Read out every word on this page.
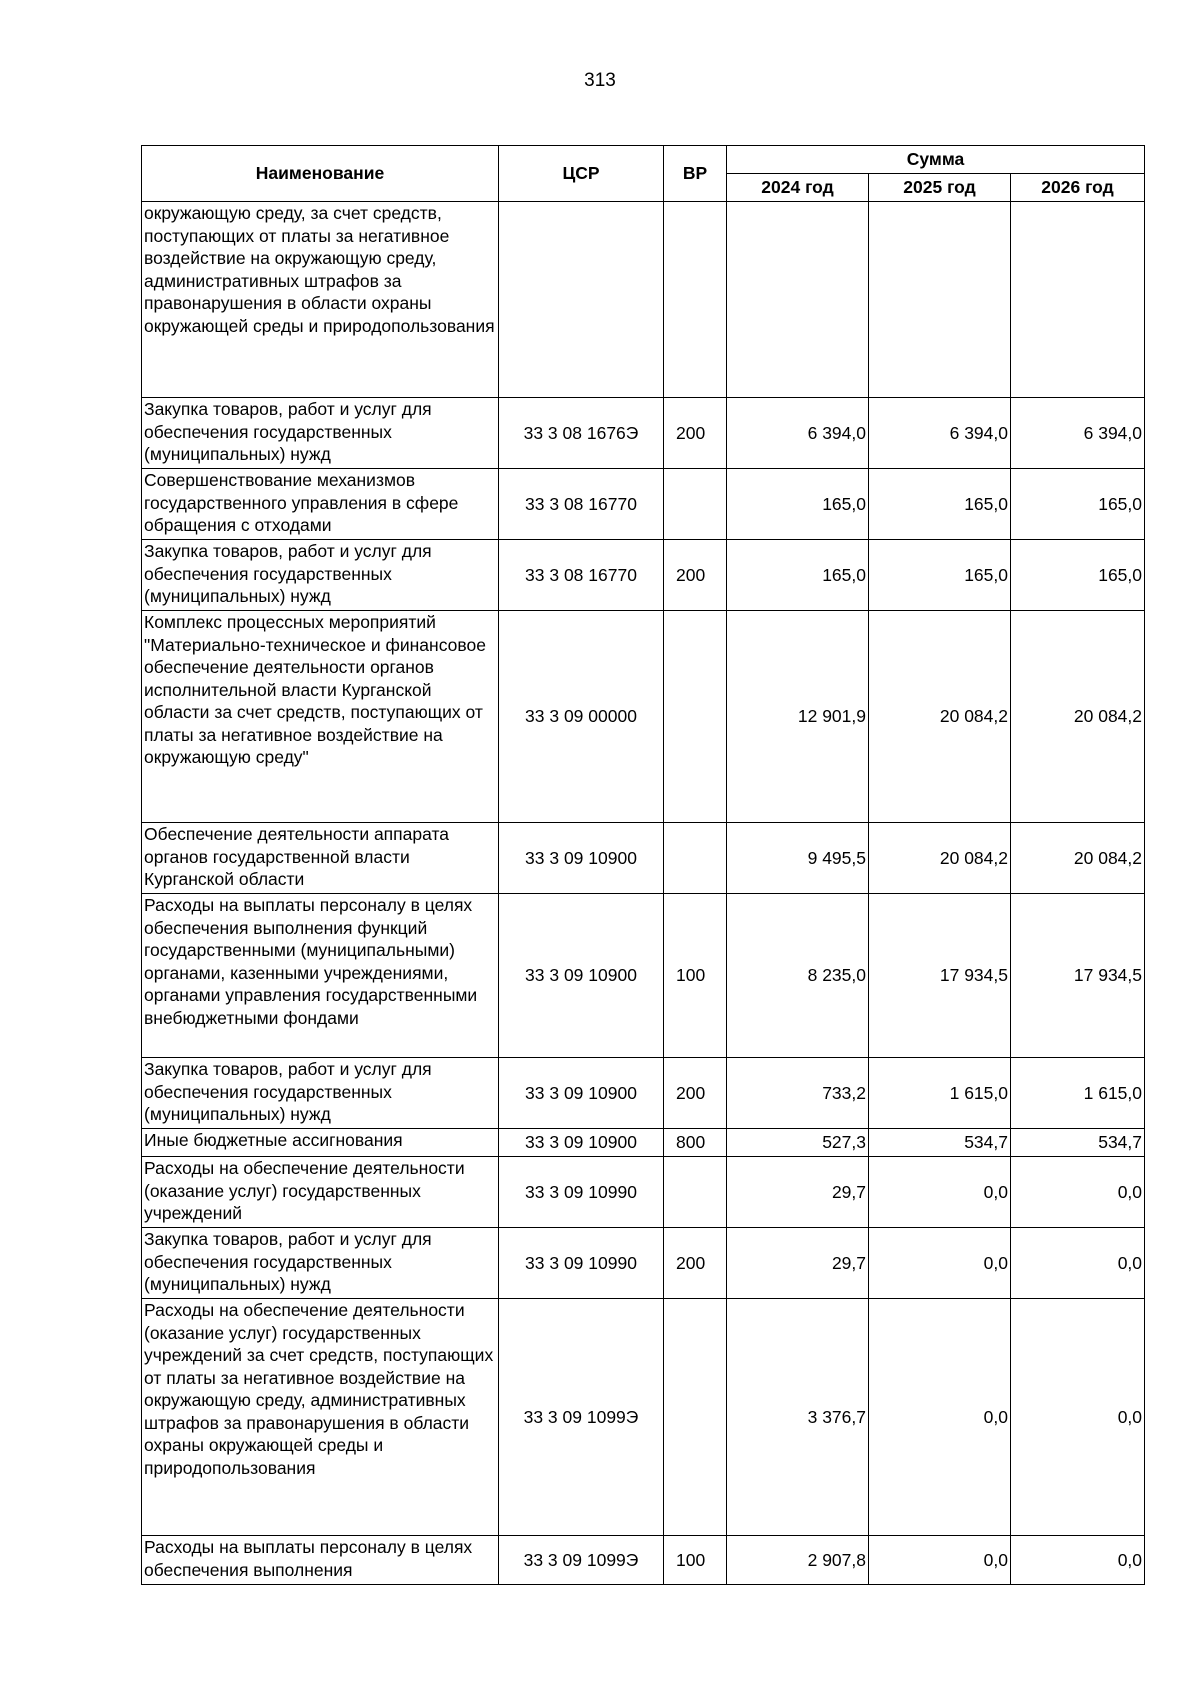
313
Наименование	ЦСР	ВР	Сумма		
			2024 год	2025 год	2026 год
окружающую среду, за счет средств, поступающих от платы за негативное воздействие на окружающую среду, административных штрафов за правонарушения в области охраны окружающей среды и природопользования		

Закупка товаров, работ и услуг для обеспечения государственных (муниципальных) нужд	33 3 08 1676Э	200	6 394,0	6 394,0	6 394,0
Совершенствование механизмов государственного управления в сфере обращения с отходами	33 3 08 16770		165,0	165,0	165,0
Закупка товаров, работ и услуг для обеспечения государственных (муниципальных) нужд	33 3 08 16770	200	165,0	165,0	165,0
Комплекс процессных мероприятий "Материально-техническое и финансовое обеспечение деятельности органов исполнительной власти Курганской области за счет средств, поступающих от платы за негативное воздействие на окружающую среду"	33 3 09 00000		12 901,9	20 084,2	20 084,2
Обеспечение деятельности аппарата органов государственной власти Курганской области	33 3 09 10900		9 495,5	20 084,2	20 084,2
Расходы на выплаты персоналу в целях обеспечения выполнения функций государственными (муниципальными) органами, казенными учреждениями, органами управления государственными внебюджетными фондами	33 3 09 10900	100	8 235,0	17 934,5	17 934,5
Закупка товаров, работ и услуг для обеспечения государственных (муниципальных) нужд	33 3 09 10900	200	733,2	1 615,0	1 615,0
Иные бюджетные ассигнования	33 3 09 10900	800	527,3	534,7	534,7
Расходы на обеспечение деятельности (оказание услуг) государственных учреждений	33 3 09 10990		29,7	0,0	0,0
Закупка товаров, работ и услуг для обеспечения государственных (муниципальных) нужд	33 3 09 10990	200	29,7	0,0	0,0
Расходы на обеспечение деятельности (оказание услуг) государственных учреждений за счет средств, поступающих от платы за негативное воздействие на окружающую среду, административных штрафов за правонарушения в области охраны окружающей среды и природопользования	33 3 09 1099Э		3 376,7	0,0	0,0
Расходы на выплаты персоналу в целях обеспечения выполнения	33 3 09 1099Э	100	2 907,8	0,0	0,0
